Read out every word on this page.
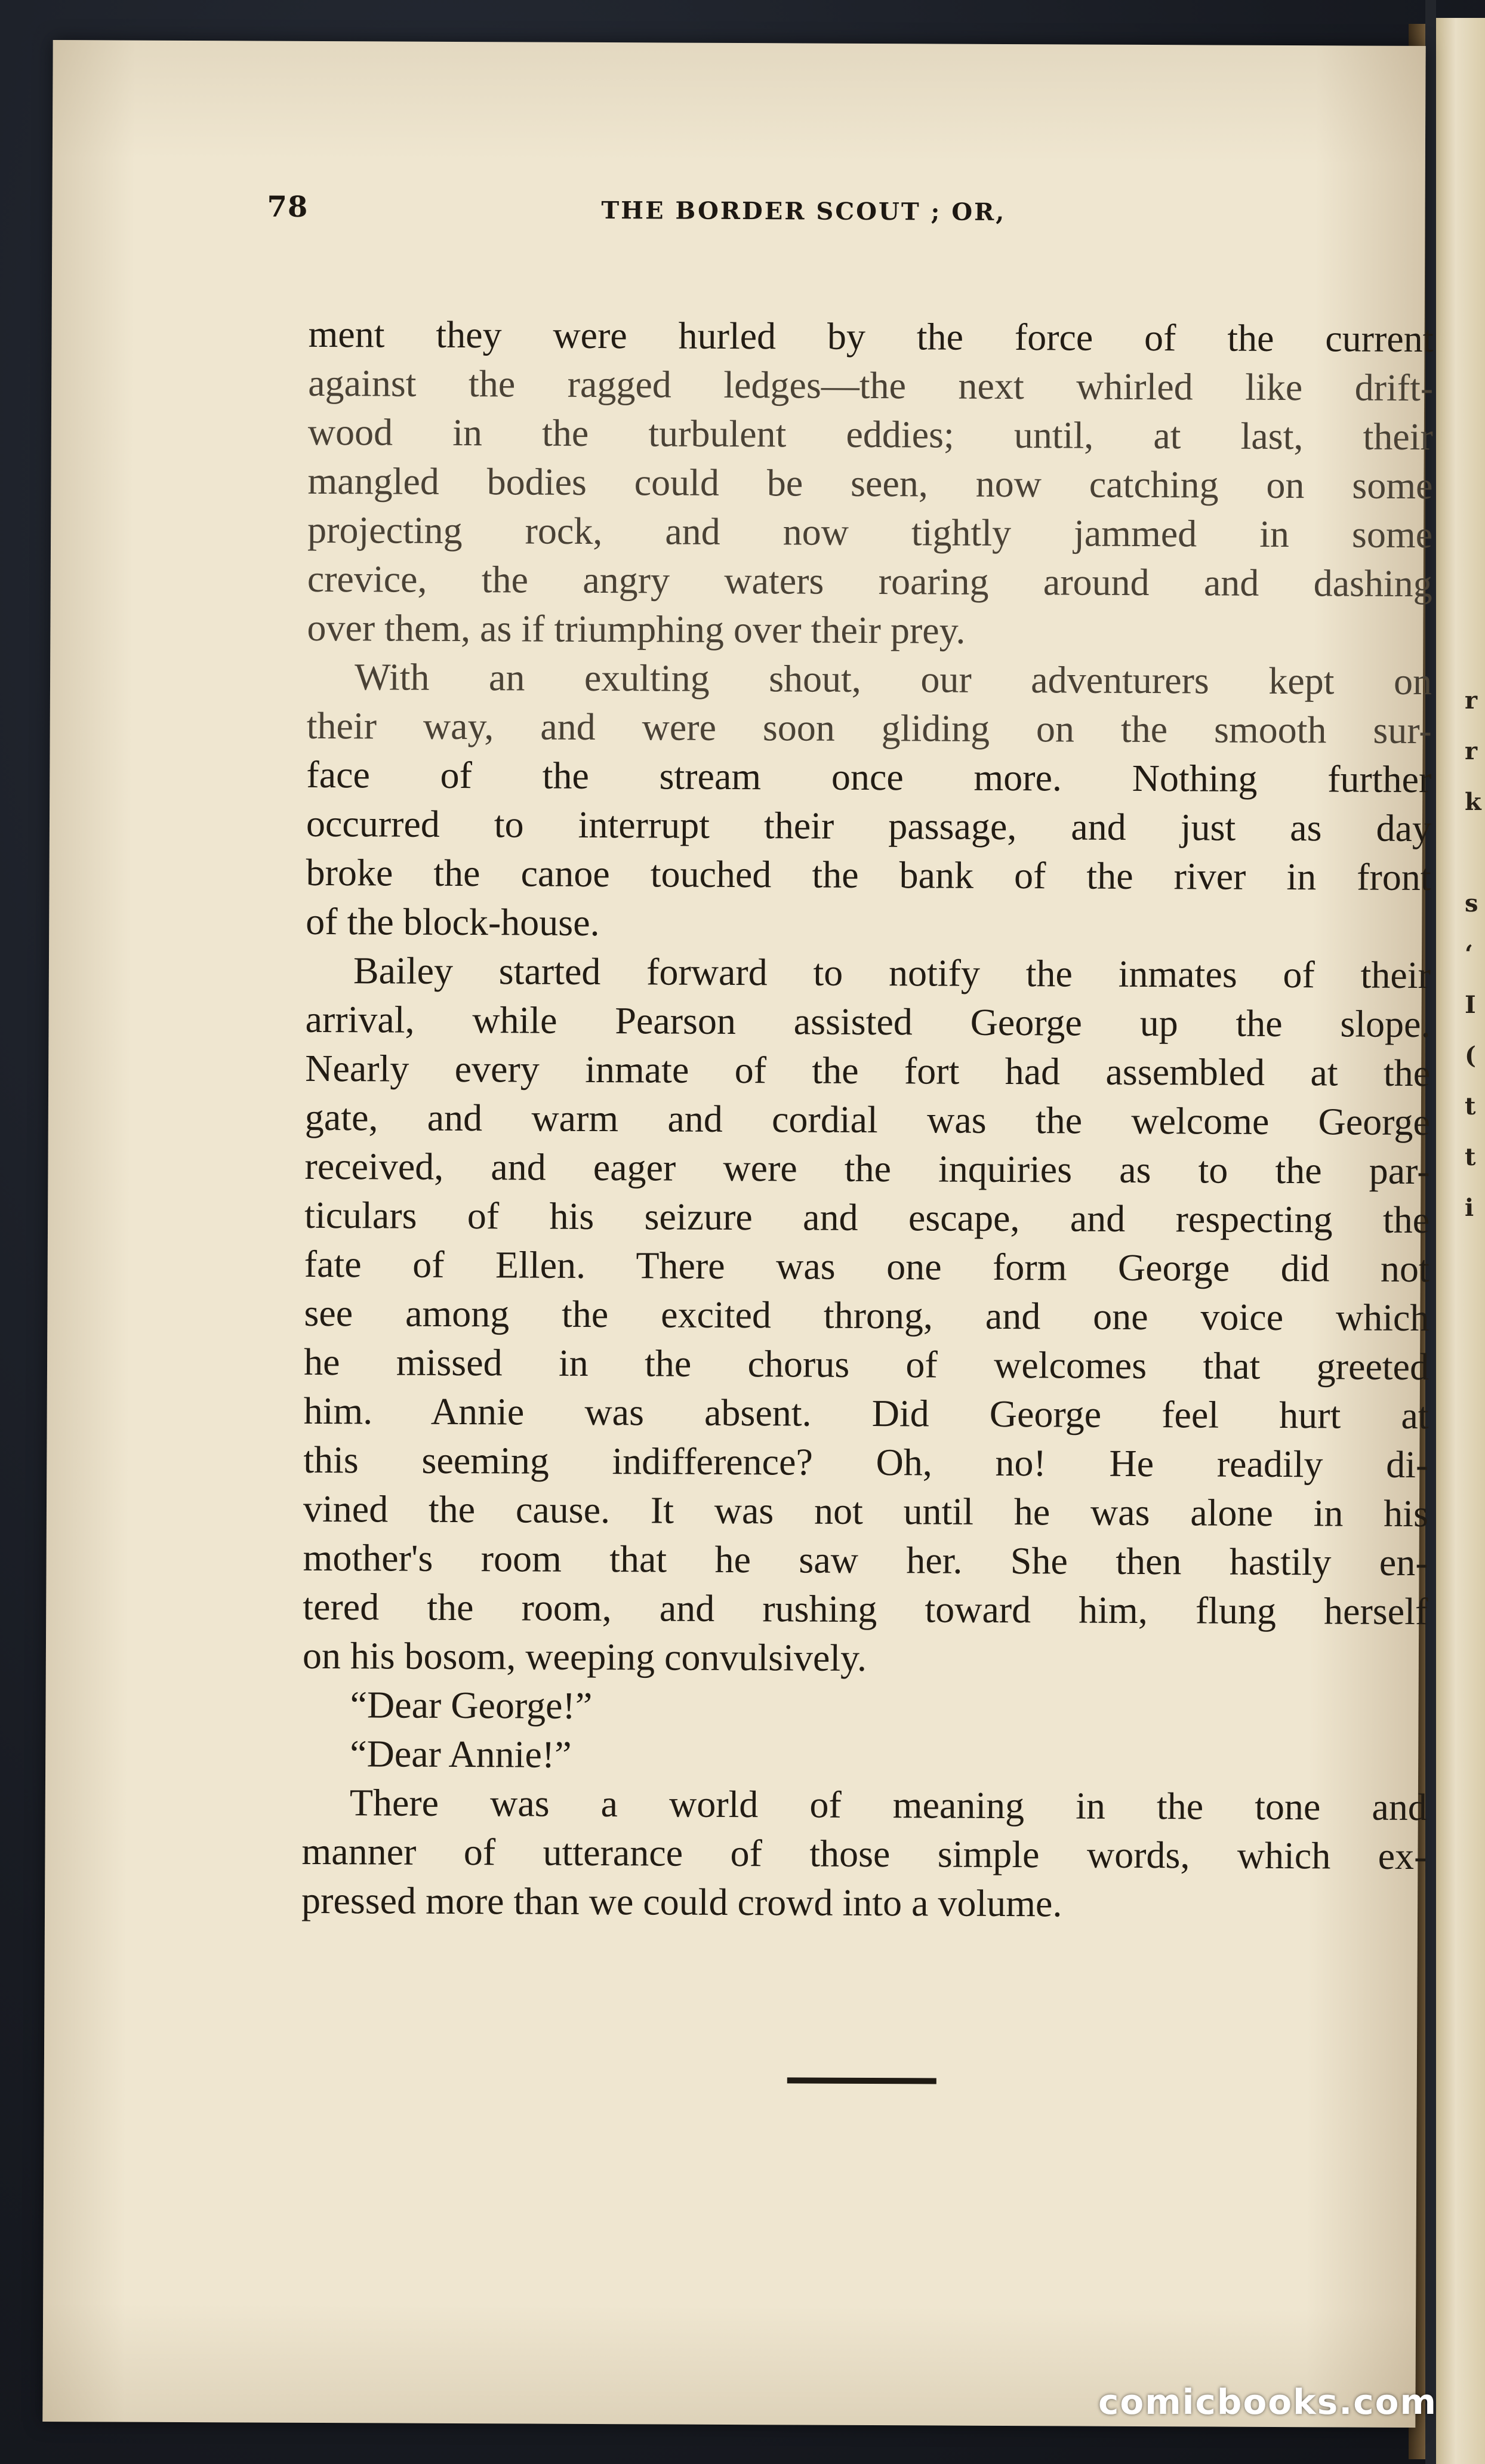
r
r
k
s
‘
I
(
t
t
i
78	THE BORDER SCOUT ; OR,
ment they were hurled by the force of the current
against the ragged ledges—the next whirled like drift-
wood in the turbulent eddies; until, at last, their
mangled bodies could be seen, now catching on some
projecting rock, and now tightly jammed in some
crevice, the angry waters roaring around and dashing
over them, as if triumphing over their prey.
With an exulting shout, our adventurers kept on
their way, and were soon gliding on the smooth sur-
face of the stream once more. Nothing further
occurred to interrupt their passage, and just as day
broke the canoe touched the bank of the river in front
of the block-house.
Bailey started forward to notify the inmates of their
arrival, while Pearson assisted George up the slope.
Nearly every inmate of the fort had assembled at the
gate, and warm and cordial was the welcome George
received, and eager were the inquiries as to the par-
ticulars of his seizure and escape, and respecting the
fate of Ellen. There was one form George did not
see among the excited throng, and one voice which
he missed in the chorus of welcomes that greeted
him. Annie was absent. Did George feel hurt at
this seeming indifference? Oh, no! He readily di-
vined the cause. It was not until he was alone in his
mother's room that he saw her. She then hastily en-
tered the room, and rushing toward him, flung herself
on his bosom, weeping convulsively.
“Dear George!”
“Dear Annie!”
There was a world of meaning in the tone and
manner of utterance of those simple words, which ex-
pressed more than we could crowd into a volume.
comicbooks.com
